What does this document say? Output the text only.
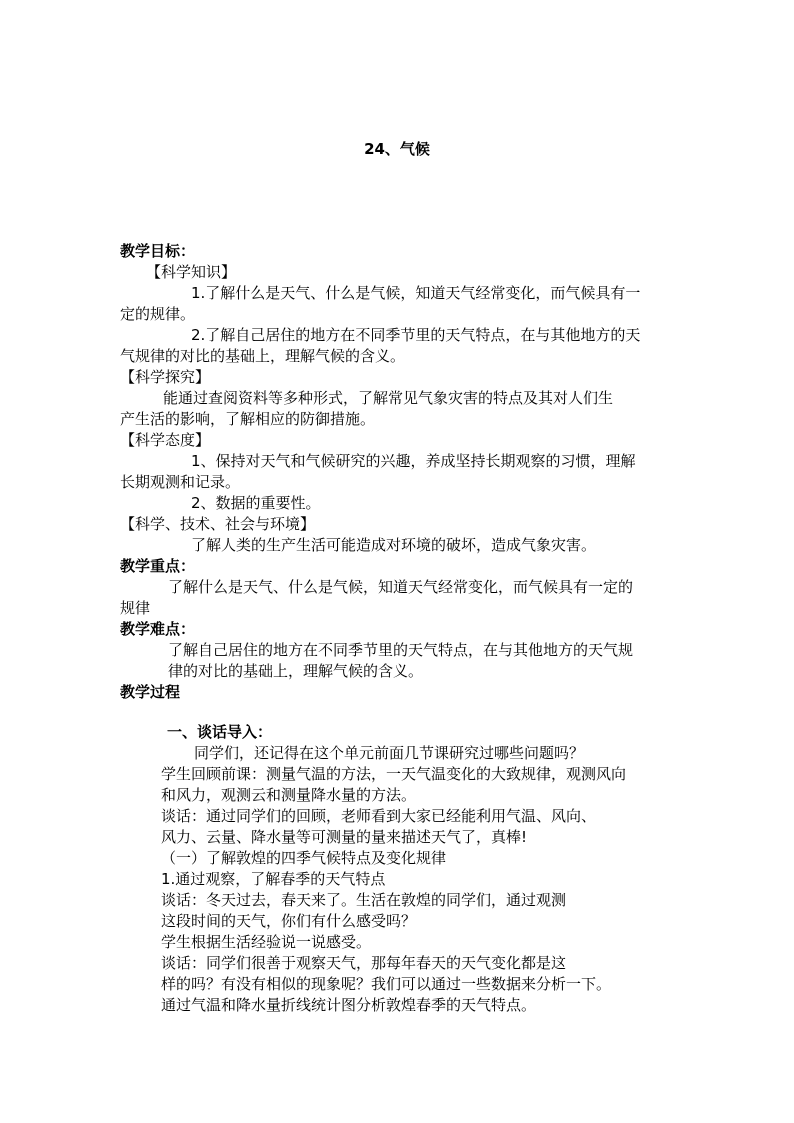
24、气候
教学目标：
【科学知识】
1.了解什么是天气、什么是气候，知道天气经常变化，而气候具有一
定的规律。
2.了解自己居住的地方在不同季节里的天气特点，在与其他地方的天
气规律的对比的基础上，理解气候的含义。
【科学探究】
能通过查阅资料等多种形式，了解常见气象灾害的特点及其对人们生
产生活的影响，了解相应的防御措施。
【科学态度】
1、保持对天气和气候研究的兴趣，养成坚持长期观察的习惯，理解
长期观测和记录。
2、数据的重要性。
【科学、技术、社会与环境】
了解人类的生产生活可能造成对环境的破坏，造成气象灾害。
教学重点：
了解什么是天气、什么是气候，知道天气经常变化，而气候具有一定的
规律
教学难点：
了解自己居住的地方在不同季节里的天气特点，在与其他地方的天气规
律的对比的基础上，理解气候的含义。
教学过程
一、谈话导入：
同学们，还记得在这个单元前面几节课研究过哪些问题吗？
学生回顾前课：测量气温的方法，一天气温变化的大致规律，观测风向
和风力，观测云和测量降水量的方法。
谈话：通过同学们的回顾，老师看到大家已经能利用气温、风向、
风力、云量、降水量等可测量的量来描述天气了，真棒!
（一）了解敦煌的四季气候特点及变化规律
1.通过观察，了解春季的天气特点
谈话：冬天过去，春天来了。生活在敦煌的同学们，通过观测
这段时间的天气，你们有什么感受吗？
学生根据生活经验说一说感受。
谈话：同学们很善于观察天气，那每年春天的天气变化都是这
样的吗？有没有相似的现象呢？我们可以通过一些数据来分析一下。
通过气温和降水量折线统计图分析敦煌春季的天气特点。
